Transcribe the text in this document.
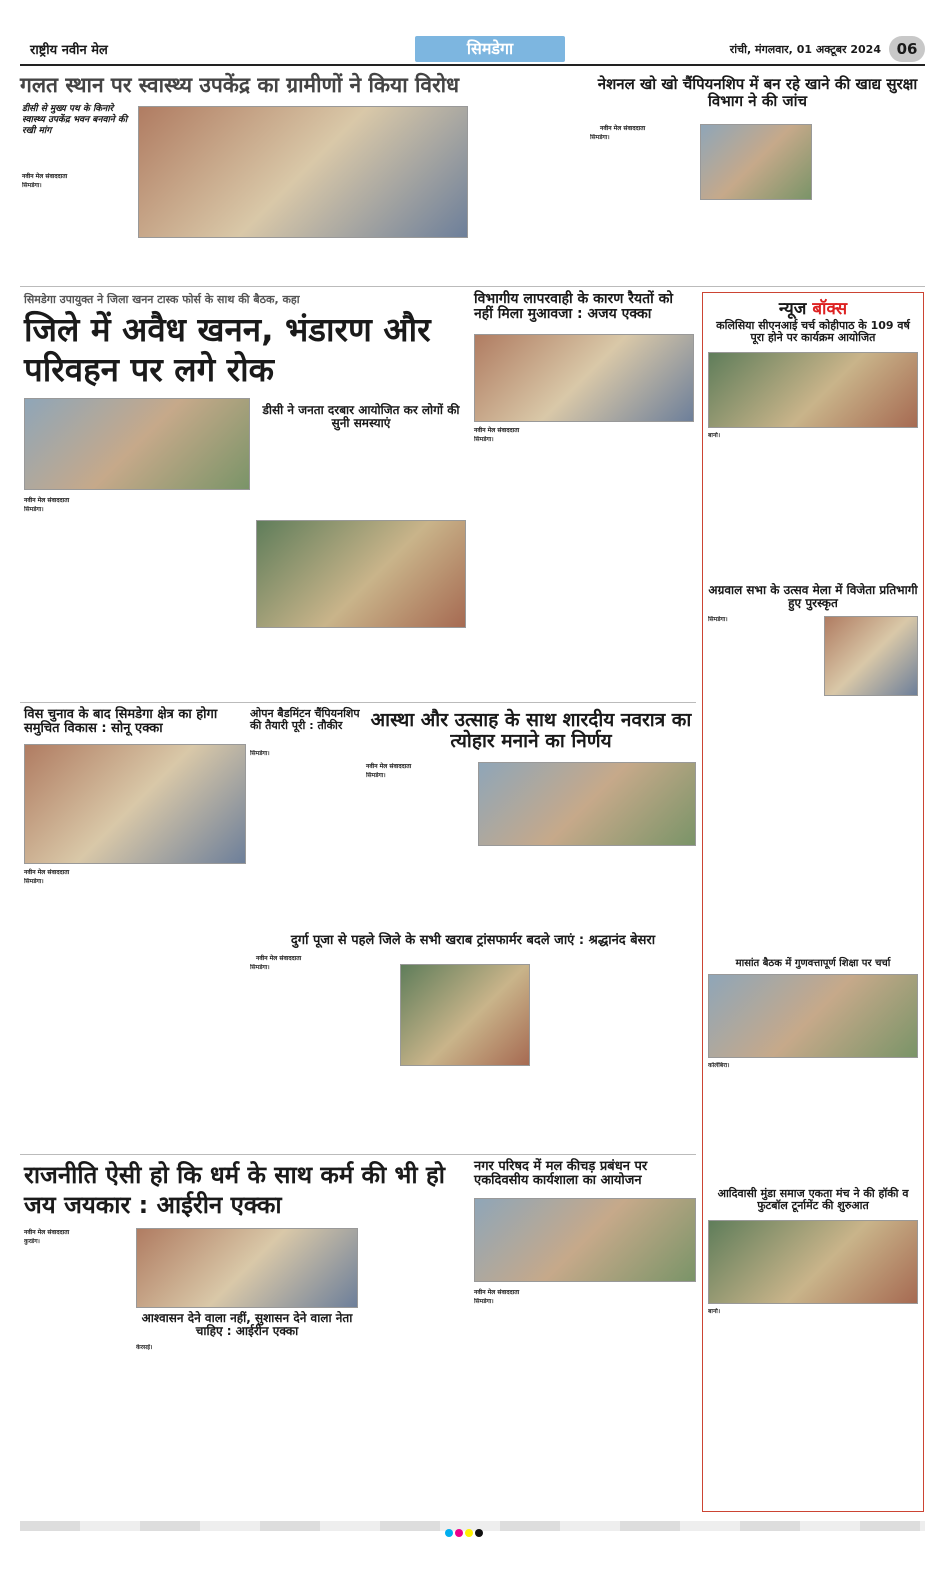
राष्ट्रीय नवीन मेल	सिमडेगा	रांची, मंगलवार, 01 अक्टूबर 2024	06
गलत स्थान पर स्वास्थ्य उपकेंद्र का ग्रामीणों ने किया विरोध
डीसी से मुख्य पथ के किनारे स्वास्थ्य उपकेंद्र भवन बनवाने की रखी मांग
नवीन मेल संवाददाता
सिमडेगा।
नेशनल खो खो चैंपियनशिप में बन रहे खाने की खाद्य सुरक्षा विभाग ने की जांच
नवीन मेल संवाददाता
सिमडेगा।
सिमडेगा उपायुक्त ने जिला खनन टास्क फोर्स के साथ की बैठक, कहा
जिले में अवैध खनन, भंडारण और परिवहन पर लगे रोक
डीसी ने जनता दरबार आयोजित कर लोगों की सुनी समस्याएं
नवीन मेल संवाददाता
सिमडेगा।
विभागीय लापरवाही के कारण रैयतों को नहीं मिला मुआवजा : अजय एक्का
नवीन मेल संवाददाता
सिमडेगा।
न्यूज बॉक्स
कलिसिया सीएनआई चर्च कोहीपाठ के 109 वर्ष पूरा होने पर कार्यक्रम आयोजित
बानो।
अग्रवाल सभा के उत्सव मेला में विजेता प्रतिभागी हुए पुरस्कृत
सिमडेगा।
मासांत बैठक में गुणवत्तापूर्ण शिक्षा पर चर्चा
कोलेबिरा।
आदिवासी मुंडा समाज एकता मंच ने की हॉकी व फुटबॉल टूर्नामेंट की शुरुआत
बानो।
विस चुनाव के बाद सिमडेगा क्षेत्र का होगा समुचित विकास : सोनू एक्का
नवीन मेल संवाददाता
सिमडेगा।
ओपन बैडमिंटन चैंपियनशिप की तैयारी पूरी : तौकीर
सिमडेगा।
आस्था और उत्साह के साथ शारदीय नवरात्र का त्योहार मनाने का निर्णय
नवीन मेल संवाददाता
सिमडेगा।
दुर्गा पूजा से पहले जिले के सभी खराब ट्रांसफार्मर बदले जाएं : श्रद्धानंद बेसरा
नवीन मेल संवाददाता
सिमडेगा।
राजनीति ऐसी हो कि धर्म के साथ कर्म की भी हो जय जयकार : आईरीन एक्का
नवीन मेल संवाददाता
कुरडेग।
आश्वासन देने वाला नहीं, सुशासन देने वाला नेता चाहिए : आईरीन एक्का
केरसई।
नगर परिषद में मल कीचड़ प्रबंधन पर एकदिवसीय कार्यशाला का आयोजन
नवीन मेल संवाददाता
सिमडेगा।
